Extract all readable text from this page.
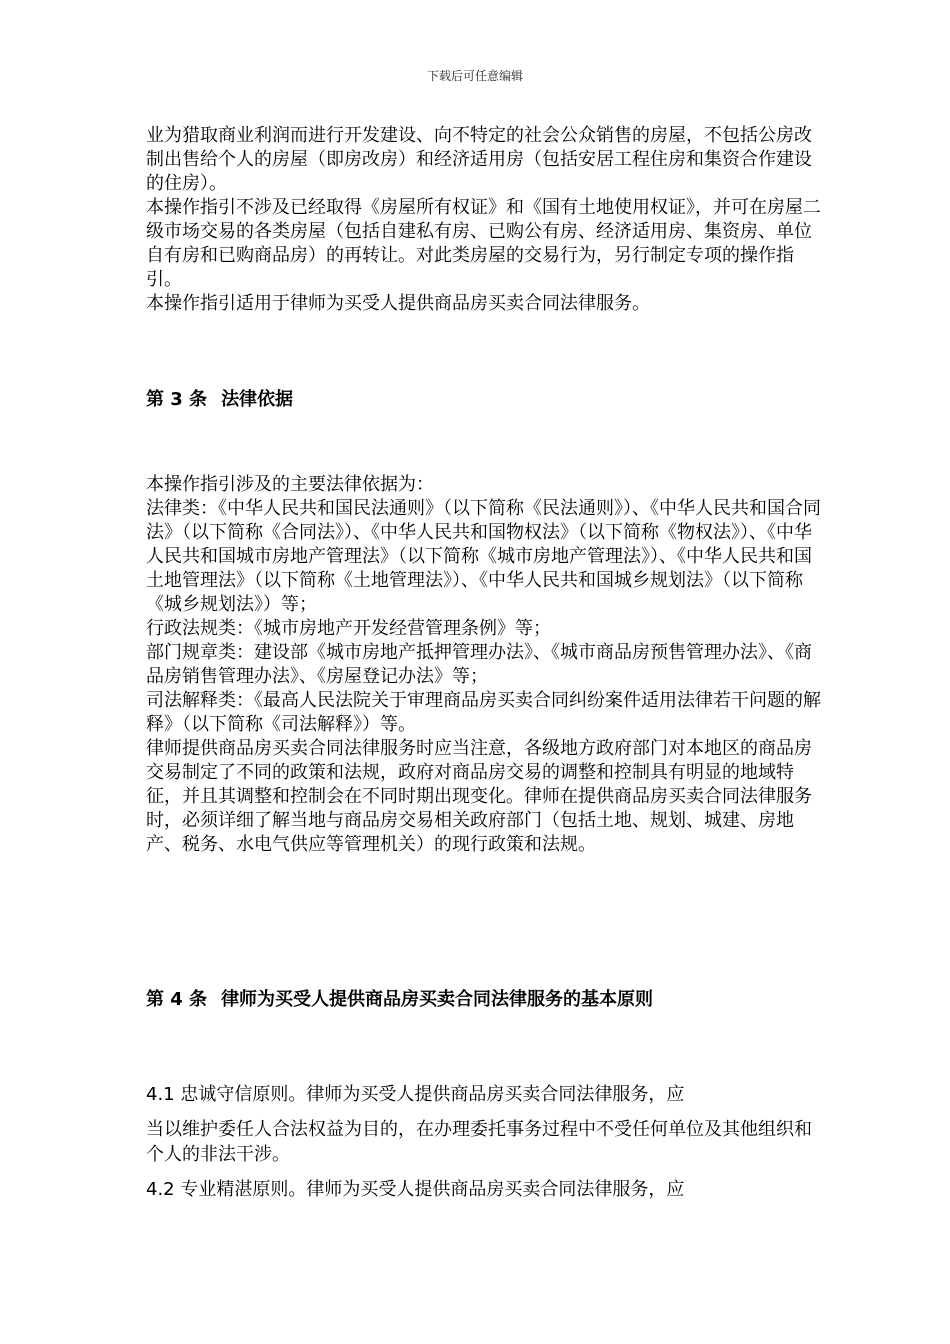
下载后可任意编辑

业为猎取商业利润而进行开发建设、向不特定的社会公众销售的房屋，不包括公房改制出售给个人的房屋（即房改房）和经济适用房（包括安居工程住房和集资合作建设的住房）。

本操作指引不涉及已经取得《房屋所有权证》和《国有土地使用权证》，并可在房屋二级市场交易的各类房屋（包括自建私有房、已购公有房、经济适用房、集资房、单位自有房和已购商品房）的再转让。对此类房屋的交易行为，另行制定专项的操作指引。

本操作指引适用于律师为买受人提供商品房买卖合同法律服务。

第 3 条 法律依据

本操作指引涉及的主要法律依据为：

法律类：《中华人民共和国民法通则》（以下简称《民法通则》）、《中华人民共和国合同法》（以下简称《合同法》）、《中华人民共和国物权法》（以下简称《物权法》）、《中华人民共和国城市房地产管理法》（以下简称《城市房地产管理法》）、《中华人民共和国土地管理法》（以下简称《土地管理法》）、《中华人民共和国城乡规划法》（以下简称《城乡规划法》）等；

行政法规类：《城市房地产开发经营管理条例》等；

部门规章类：建设部《城市房地产抵押管理办法》、《城市商品房预售管理办法》、《商品房销售管理办法》、《房屋登记办法》等；

司法解释类：《最高人民法院关于审理商品房买卖合同纠纷案件适用法律若干问题的解释》（以下简称《司法解释》）等。

律师提供商品房买卖合同法律服务时应当注意，各级地方政府部门对本地区的商品房交易制定了不同的政策和法规，政府对商品房交易的调整和控制具有明显的地域特征，并且其调整和控制会在不同时期出现变化。律师在提供商品房买卖合同法律服务时，必须详细了解当地与商品房交易相关政府部门（包括土地、规划、城建、房地产、税务、水电气供应等管理机关）的现行政策和法规。

第 4 条 律师为买受人提供商品房买卖合同法律服务的基本原则

4.1 忠诚守信原则。律师为买受人提供商品房买卖合同法律服务，应

当以维护委任人合法权益为目的，在办理委托事务过程中不受任何单位及其他组织和个人的非法干涉。

4.2 专业精湛原则。律师为买受人提供商品房买卖合同法律服务，应
